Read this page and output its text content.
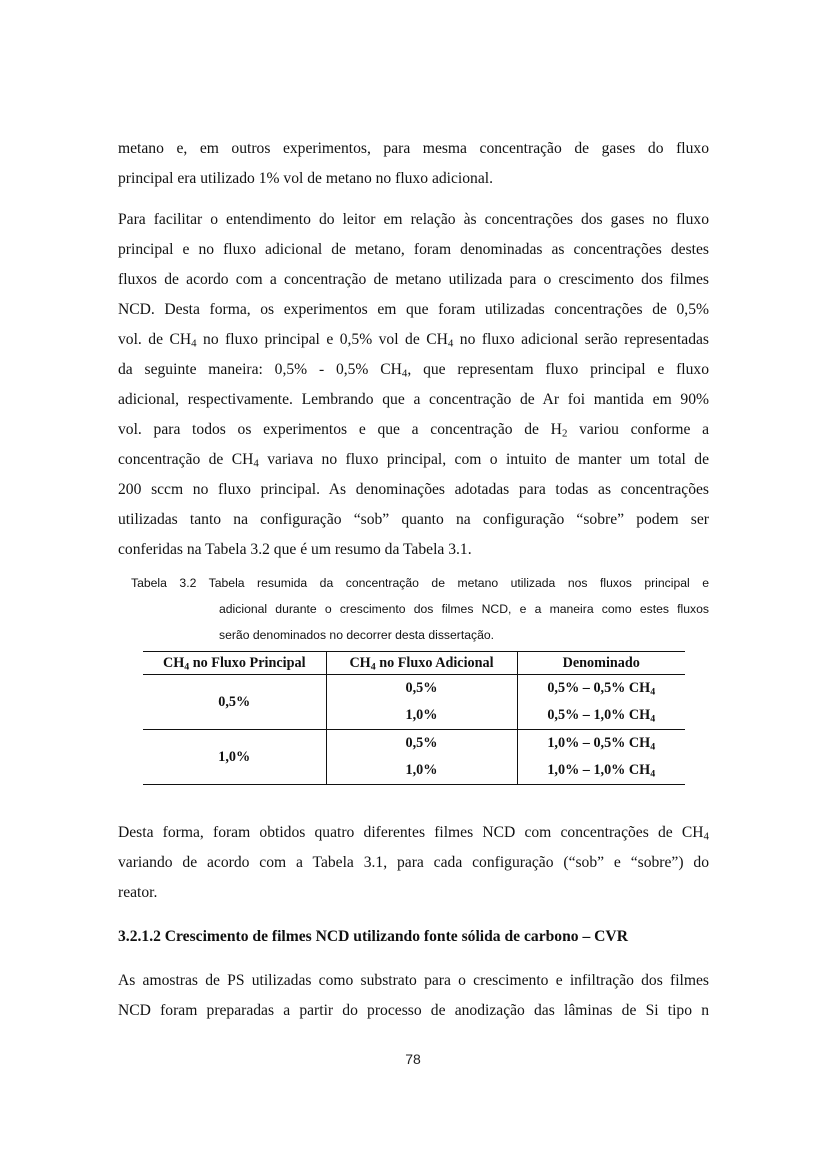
metano e, em outros experimentos, para mesma concentração de gases do fluxo
principal era utilizado 1% vol de metano no fluxo adicional.
Para facilitar o entendimento do leitor em relação às concentrações dos gases no fluxo
principal e no fluxo adicional de metano, foram denominadas as concentrações destes
fluxos de acordo com a concentração de metano utilizada para o crescimento dos filmes
NCD. Desta forma, os experimentos em que foram utilizadas concentrações de 0,5%
vol. de $CH_4$ no fluxo principal e 0,5% vol de $CH_4$ no fluxo adicional serão representadas
da seguinte maneira: 0,5% - 0,5% $CH_4$, que representam fluxo principal e fluxo
adicional, respectivamente. Lembrando que a concentração de Ar foi mantida em 90%
vol. para todos os experimentos e que a concentração de $H_2$ variou conforme a
concentração de $CH_4$ variava no fluxo principal, com o intuito de manter um total de
200 sccm no fluxo principal. As denominações adotadas para todas as concentrações
utilizadas tanto na configuração “sob” quanto na configuração “sobre” podem ser
conferidas na Tabela 3.2 que é um resumo da Tabela 3.1.
Tabela 3.2 Tabela resumida da concentração de metano utilizada nos fluxos principal e
adicional durante o crescimento dos filmes NCD, e a maneira como estes fluxos
serão denominados no decorrer desta dissertação.
$CH_4$ no Fluxo Principal	$CH_4$ no Fluxo Adicional	Denominado
0,5%	0,5%	0,5% – 0,5% $CH_4$
	1,0%	0,5% – 1,0% $CH_4$
1,0%	0,5%	1,0% – 0,5% $CH_4$
	1,0%	1,0% – 1,0% $CH_4$
Desta forma, foram obtidos quatro diferentes filmes NCD com concentrações de $CH_4$
variando de acordo com a Tabela 3.1, para cada configuração (“sob” e “sobre”) do
reator.
3.2.1.2 Crescimento de filmes NCD utilizando fonte sólida de carbono – CVR
As amostras de PS utilizadas como substrato para o crescimento e infiltração dos filmes
NCD foram preparadas a partir do processo de anodização das lâminas de Si tipo n
78
